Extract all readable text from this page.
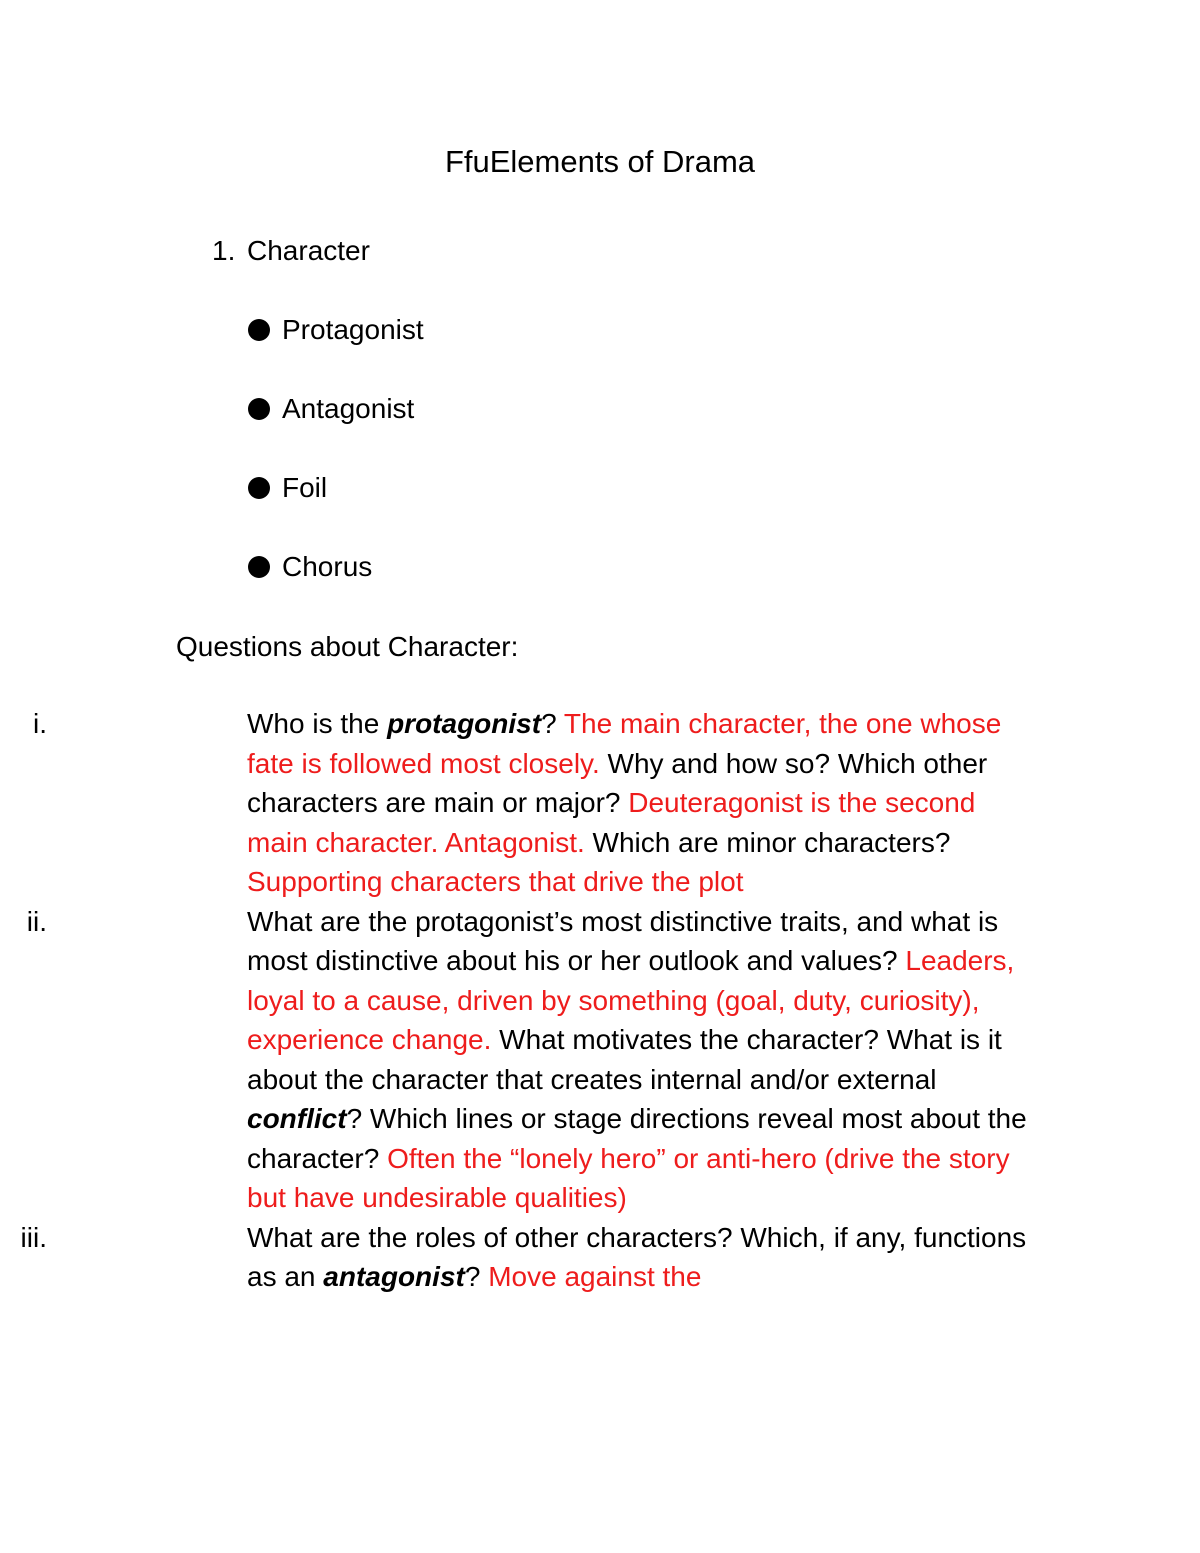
FfuElements of Drama
1. Character
Protagonist
Antagonist
Foil
Chorus
Questions about Character:
i.	Who is the protagonist? The main character, the one whose fate is followed most closely. Why and how so? Which other characters are main or major? Deuteragonist is the second main character. Antagonist. Which are minor characters? Supporting characters that drive the plot
ii.	What are the protagonist’s most distinctive traits, and what is most distinctive about his or her outlook and values? Leaders, loyal to a cause, driven by something (goal, duty, curiosity), experience change. What motivates the character? What is it about the character that creates internal and/or external conflict? Which lines or stage directions reveal most about the character? Often the “lonely hero” or anti-hero (drive the story but have undesirable qualities)
iii.	What are the roles of other characters? Which, if any, functions as an antagonist? Move against the
